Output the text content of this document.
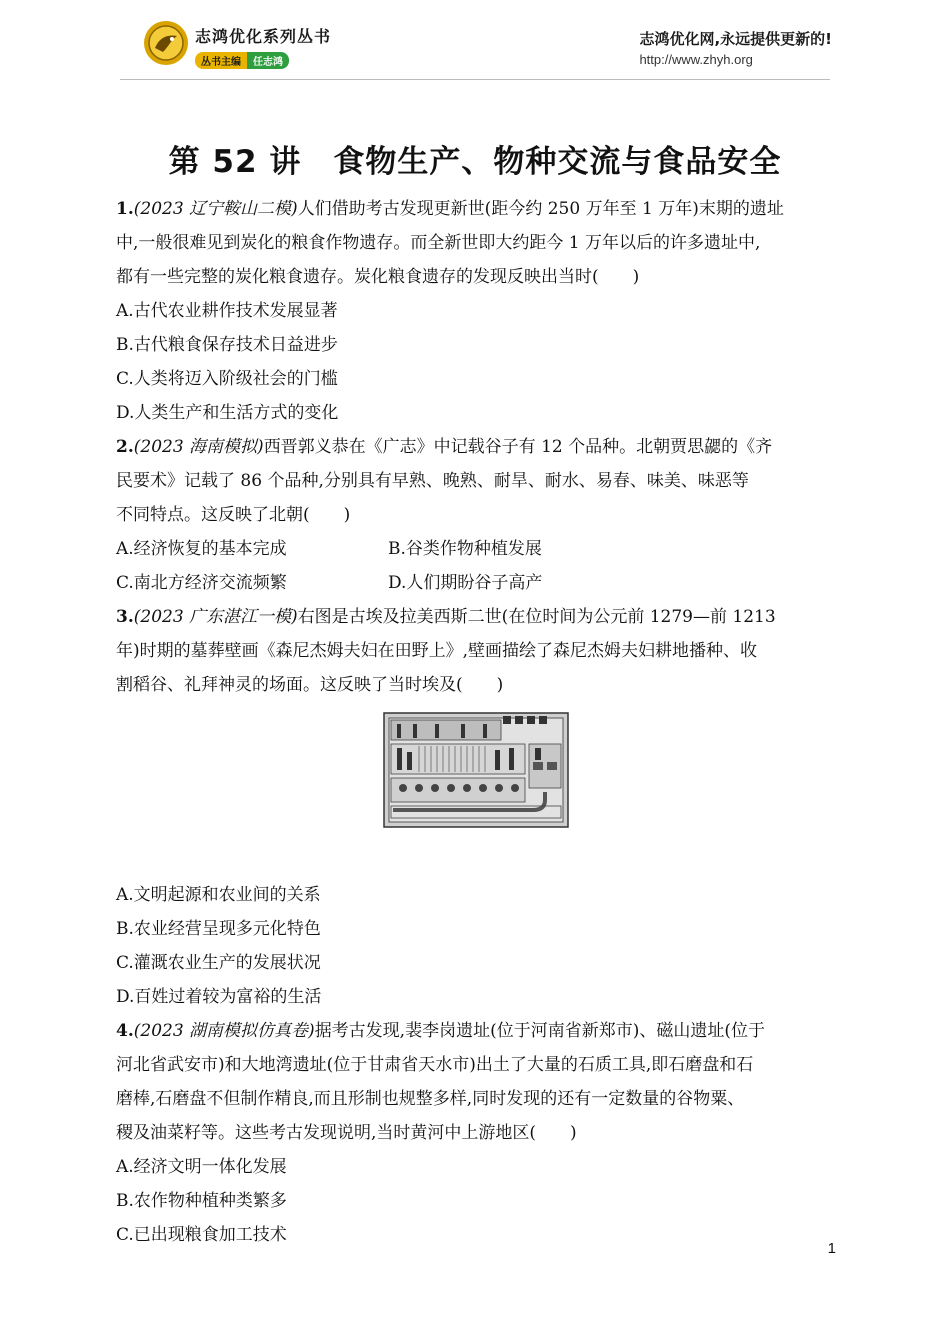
志鸿优化系列丛书
丛书主编	任志鸿
志鸿优化网,永远提供更新的!
http://www.zhyh.org
第 52 讲　食物生产、物种交流与食品安全

1.(2023 辽宁鞍山二模)人们借助考古发现更新世(距今约 250 万年至 1 万年)末期的遗址

中,一般很难见到炭化的粮食作物遗存。而全新世即大约距今 1 万年以后的许多遗址中,

都有一些完整的炭化粮食遗存。炭化粮食遗存的发现反映出当时(　　)

A.古代农业耕作技术发展显著

B.古代粮食保存技术日益进步

C.人类将迈入阶级社会的门槛

D.人类生产和生活方式的变化

2.(2023 海南模拟)西晋郭义恭在《广志》中记载谷子有 12 个品种。北朝贾思勰的《齐

民要术》记载了 86 个品种,分别具有早熟、晚熟、耐旱、耐水、易春、味美、味恶等

不同特点。这反映了北朝(　　)

A.经济恢复的基本完成	B.谷类作物种植发展
C.南北方经济交流频繁	D.人们期盼谷子高产

3.(2023 广东湛江一模)右图是古埃及拉美西斯二世(在位时间为公元前 1279—前 1213

年)时期的墓葬壁画《森尼杰姆夫妇在田野上》,壁画描绘了森尼杰姆夫妇耕地播种、收

割稻谷、礼拜神灵的场面。这反映了当时埃及(　　)

A.文明起源和农业间的关系

B.农业经营呈现多元化特色

C.灌溉农业生产的发展状况

D.百姓过着较为富裕的生活

4.(2023 湖南模拟仿真卷)据考古发现,裴李岗遗址(位于河南省新郑市)、磁山遗址(位于

河北省武安市)和大地湾遗址(位于甘肃省天水市)出土了大量的石质工具,即石磨盘和石

磨棒,石磨盘不但制作精良,而且形制也规整多样,同时发现的还有一定数量的谷物粟、

稷及油菜籽等。这些考古发现说明,当时黄河中上游地区(　　)

A.经济文明一体化发展

B.农作物种植种类繁多

C.已出现粮食加工技术

1
